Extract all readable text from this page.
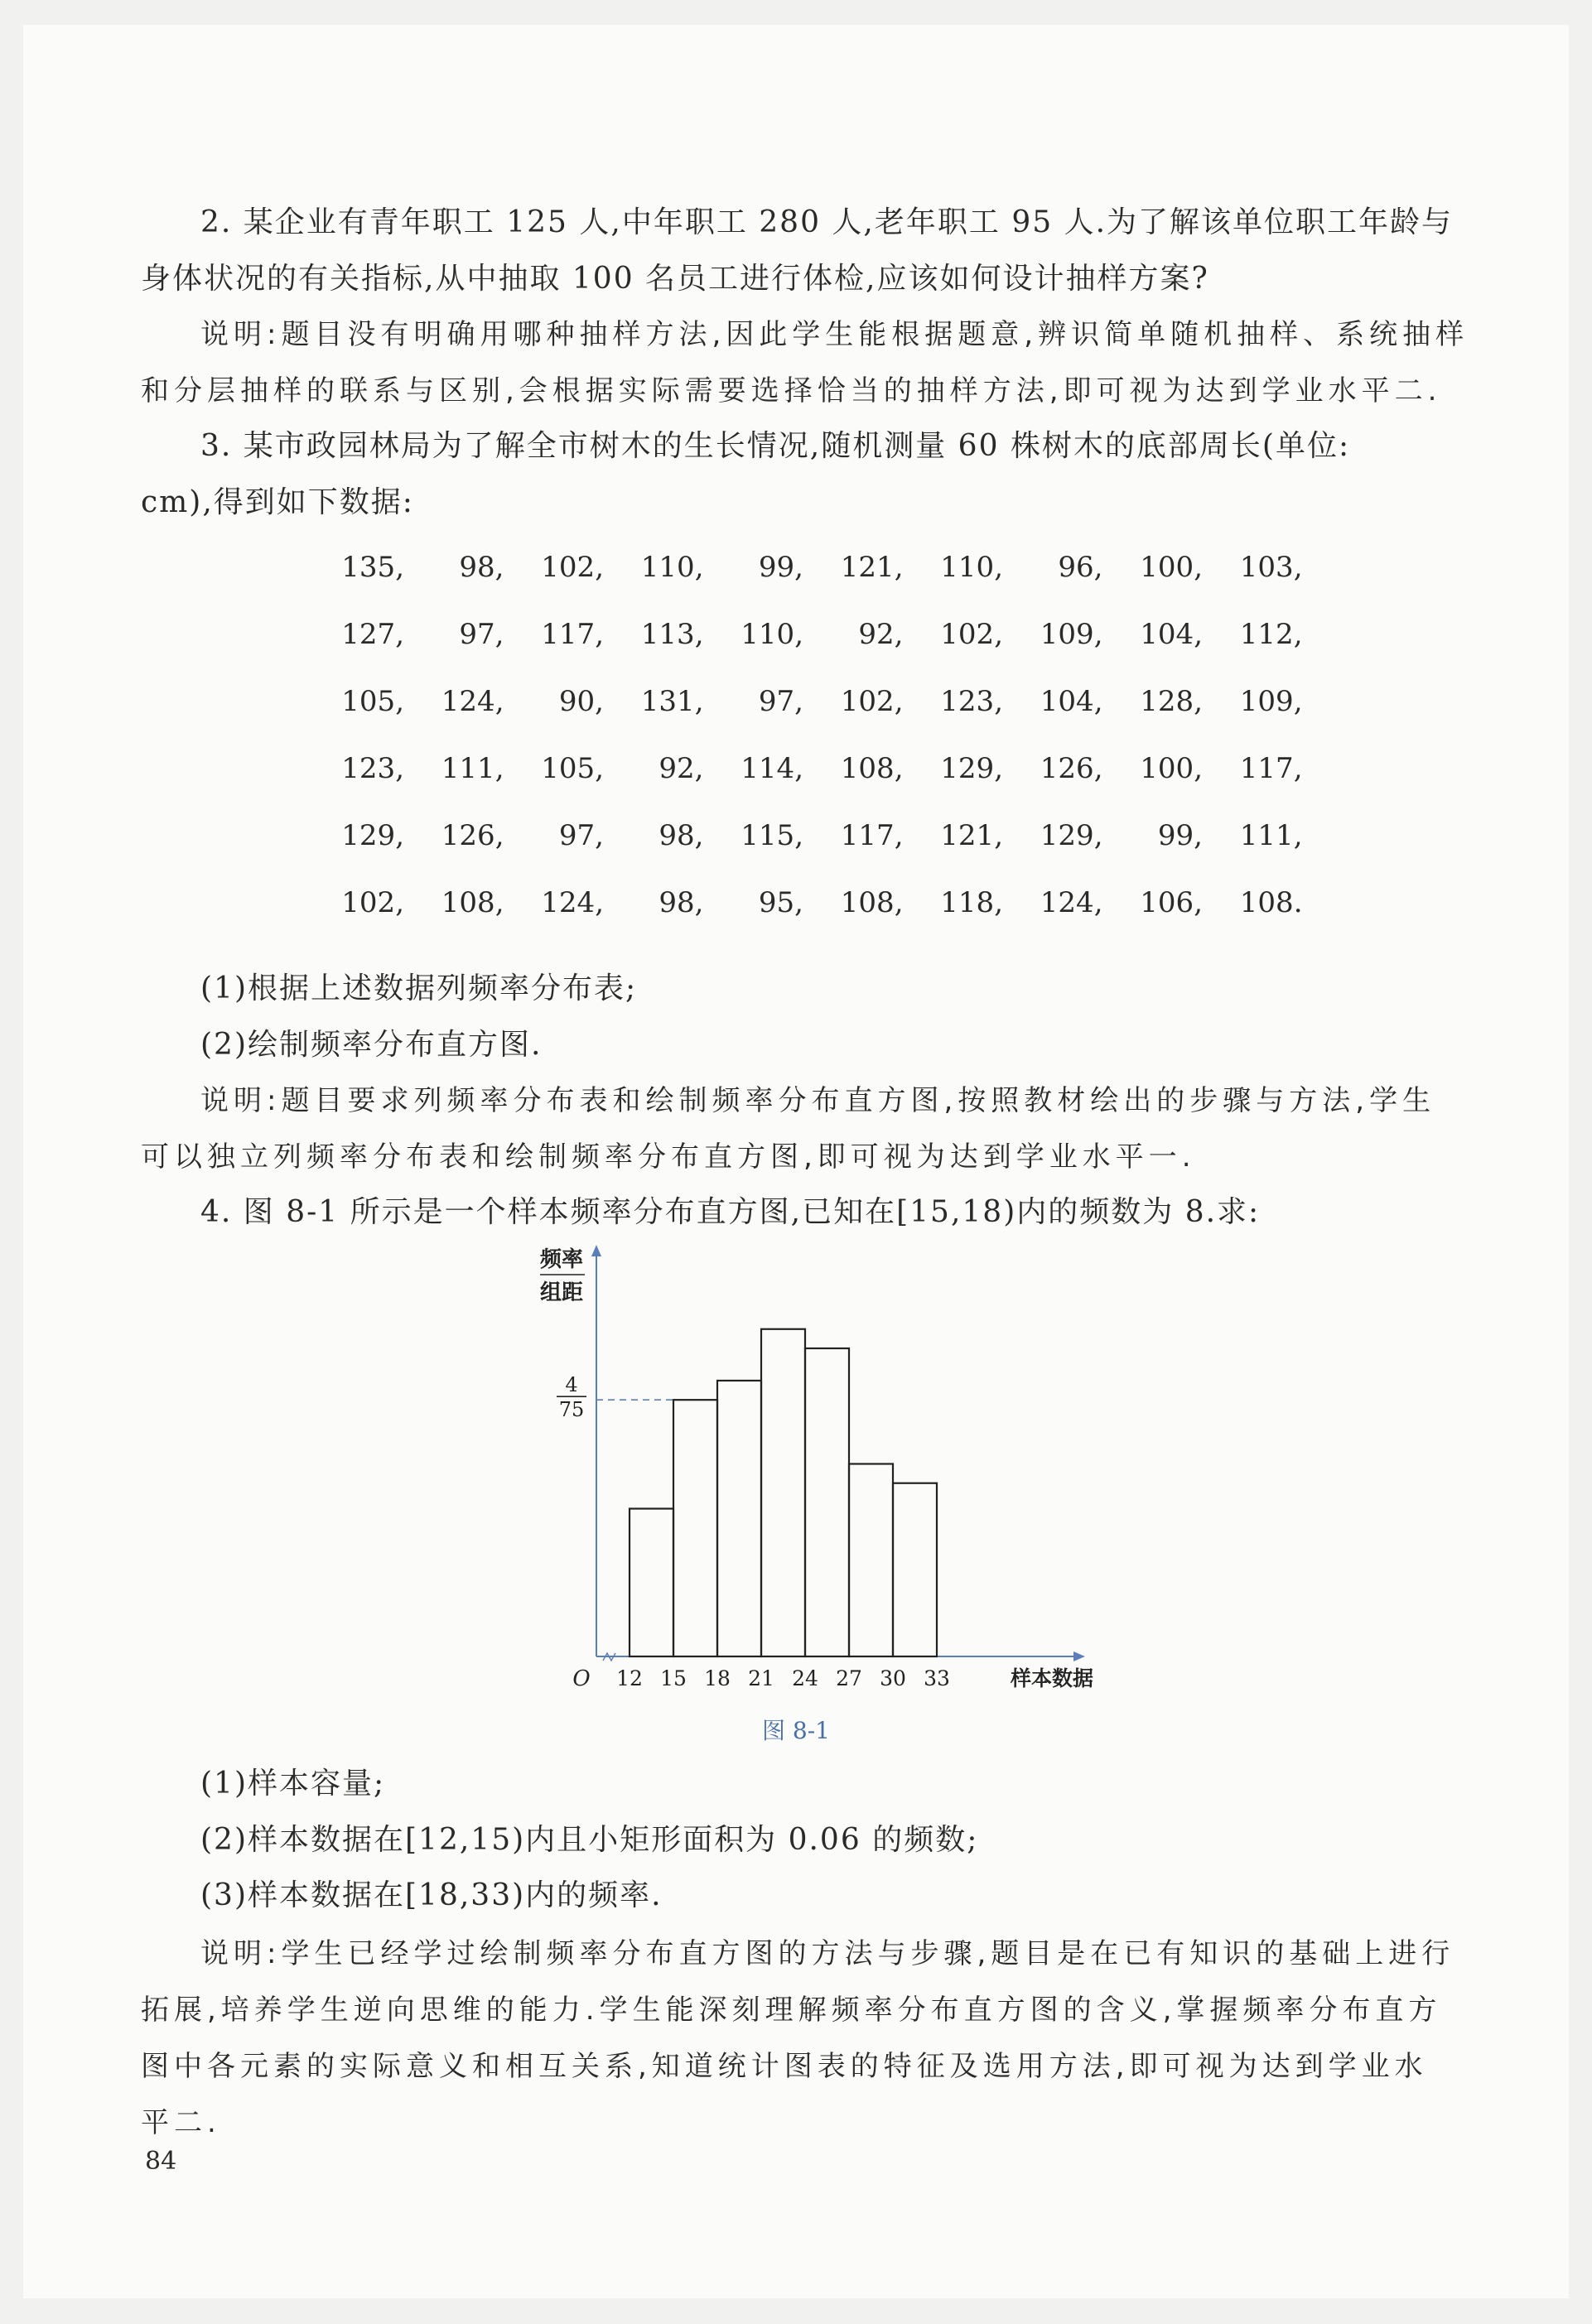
2. 某企业有青年职工 125 人,中年职工 280 人,老年职工 95 人.为了解该单位职工年龄与
身体状况的有关指标,从中抽取 100 名员工进行体检,应该如何设计抽样方案?
说明:题目没有明确用哪种抽样方法,因此学生能根据题意,辨识简单随机抽样、系统抽样
和分层抽样的联系与区别,会根据实际需要选择恰当的抽样方法,即可视为达到学业水平二.
3. 某市政园林局为了解全市树木的生长情况,随机测量 60 株树木的底部周长(单位:
cm),得到如下数据:
135,	98,	102,	110,	99,	121,	110,	96,	100,	103,
127,	97,	117,	113,	110,	92,	102,	109,	104,	112,
105,	124,	90,	131,	97,	102,	123,	104,	128,	109,
123,	111,	105,	92,	114,	108,	129,	126,	100,	117,
129,	126,	97,	98,	115,	117,	121,	129,	99,	111,
102,	108,	124,	98,	95,	108,	118,	124,	106,	108.
(1)根据上述数据列频率分布表;
(2)绘制频率分布直方图.
说明:题目要求列频率分布表和绘制频率分布直方图,按照教材绘出的步骤与方法,学生
可以独立列频率分布表和绘制频率分布直方图,即可视为达到学业水平一.
4. 图 8-1 所示是一个样本频率分布直方图,已知在[15,18)内的频数为 8.求:
4
75
频率
组距
O 12 15 18 21 24 27 30 33	样本数据
图 8-1
(1)样本容量;
(2)样本数据在[12,15)内且小矩形面积为 0.06 的频数;
(3)样本数据在[18,33)内的频率.
说明:学生已经学过绘制频率分布直方图的方法与步骤,题目是在已有知识的基础上进行
拓展,培养学生逆向思维的能力.学生能深刻理解频率分布直方图的含义,掌握频率分布直方
图中各元素的实际意义和相互关系,知道统计图表的特征及选用方法,即可视为达到学业水
平二.
84
